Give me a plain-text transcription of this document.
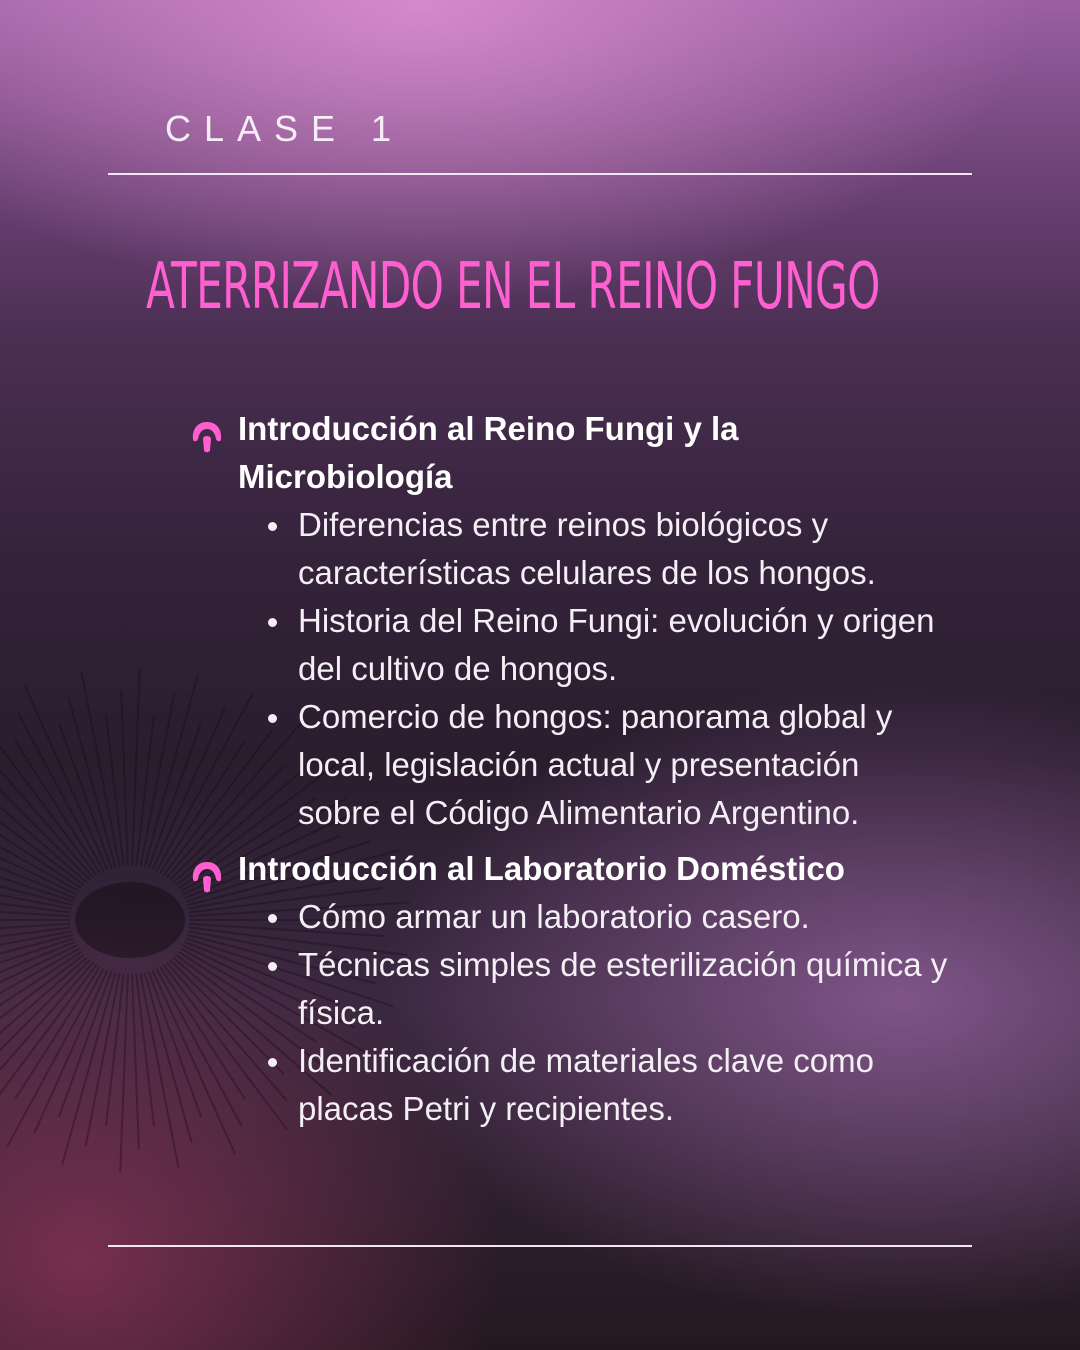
CLASE 1
ATERRIZANDO EN EL REINO FUNGO

Introducción al Reino Fungi y la Microbiología

Diferencias entre reinos biológicos y características celulares de los hongos.
Historia del Reino Fungi: evolución y origen del cultivo de hongos.
Comercio de hongos: panorama global y local, legislación actual y presentación sobre el Código Alimentario Argentino.

Introducción al Laboratorio Doméstico

Cómo armar un laboratorio casero.
Técnicas simples de esterilización química y física.
Identificación de materiales clave como placas Petri y recipientes.
